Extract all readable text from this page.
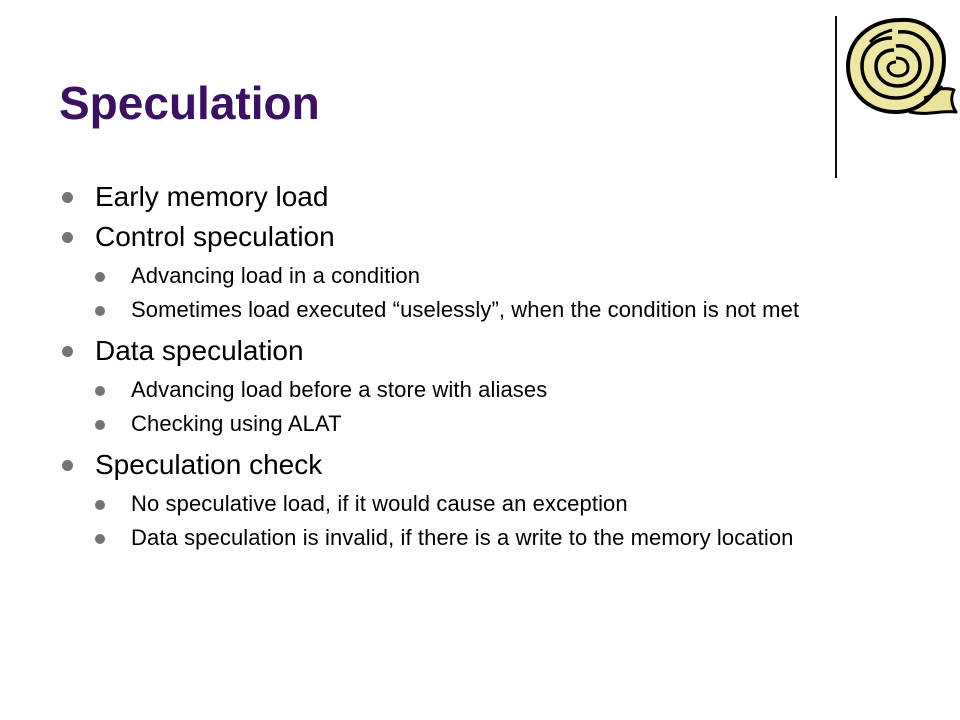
Speculation
Early memory load
Control speculation
Advancing load in a condition
Sometimes load executed “uselessly”, when the condition is not met
Data speculation
Advancing load before a store with aliases
Checking using ALAT
Speculation check
No speculative load, if it would cause an exception
Data speculation is invalid, if there is a write to the memory location
